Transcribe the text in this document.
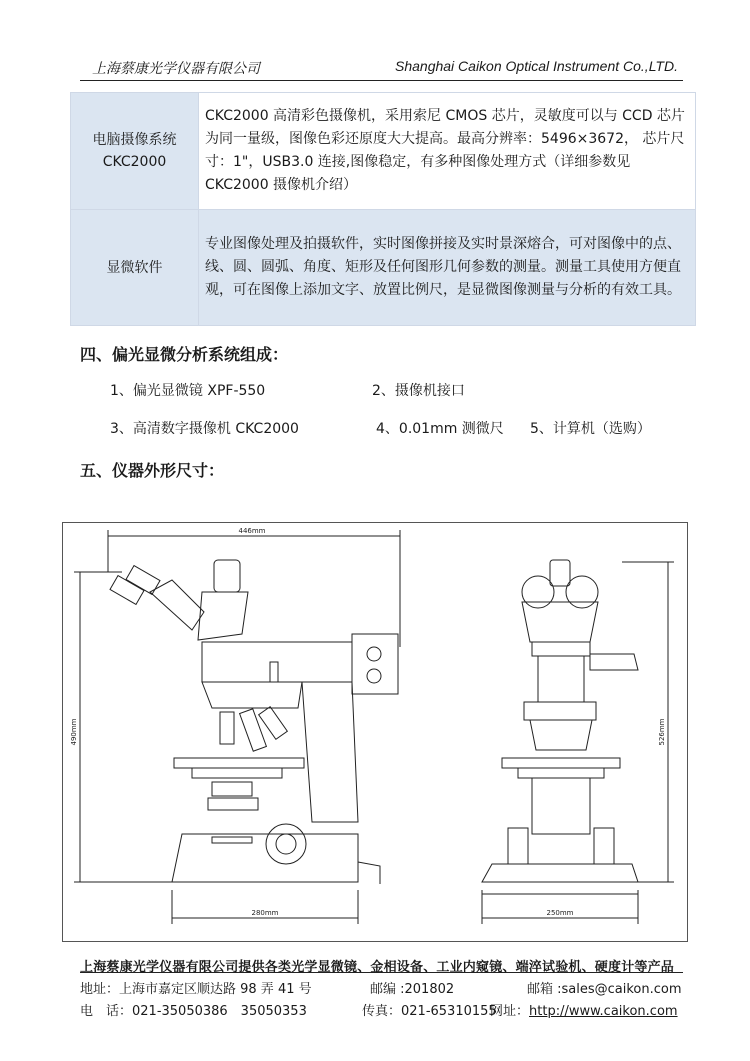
上海蔡康光学仪器有限公司	Shanghai Caikon Optical Instrument Co.,LTD.
电脑摄像系统
CKC2000	CKC2000 高清彩色摄像机，采用索尼 CMOS 芯片，灵敏度可以与 CCD 芯片为同一量级，图像色彩还原度大大提高。最高分辨率：5496×3672， 芯片尺寸：1"，USB3.0 连接,图像稳定，有多种图像处理方式（详细参数见 CKC2000 摄像机介绍）

显微软件	专业图像处理及拍摄软件，实时图像拼接及实时景深熔合，可对图像中的点、线、圆、圆弧、角度、矩形及任何图形几何参数的测量。测量工具使用方便直观，可在图像上添加文字、放置比例尺，是显微图像测量与分析的有效工具。
四、偏光显微分析系统组成：
1、偏光显微镜 XPF-550	2、摄像机接口
3、高清数字摄像机 CKC2000	4、0.01mm 测微尺 5、计算机（选购）
五、仪器外形尺寸：
446mm
490mm
280mm
526mm
250mm
上海蔡康光学仪器有限公司提供各类光学显微镜、金相设备、工业内窥镜、端淬试验机、硬度计等产品
地址：上海市嘉定区顺达路 98 弄 41 号	邮编 :201802	邮箱 :sales@caikon.com
电　话：021-35050386　35050353	传真：021-65310155
网址：http://www.caikon.com
